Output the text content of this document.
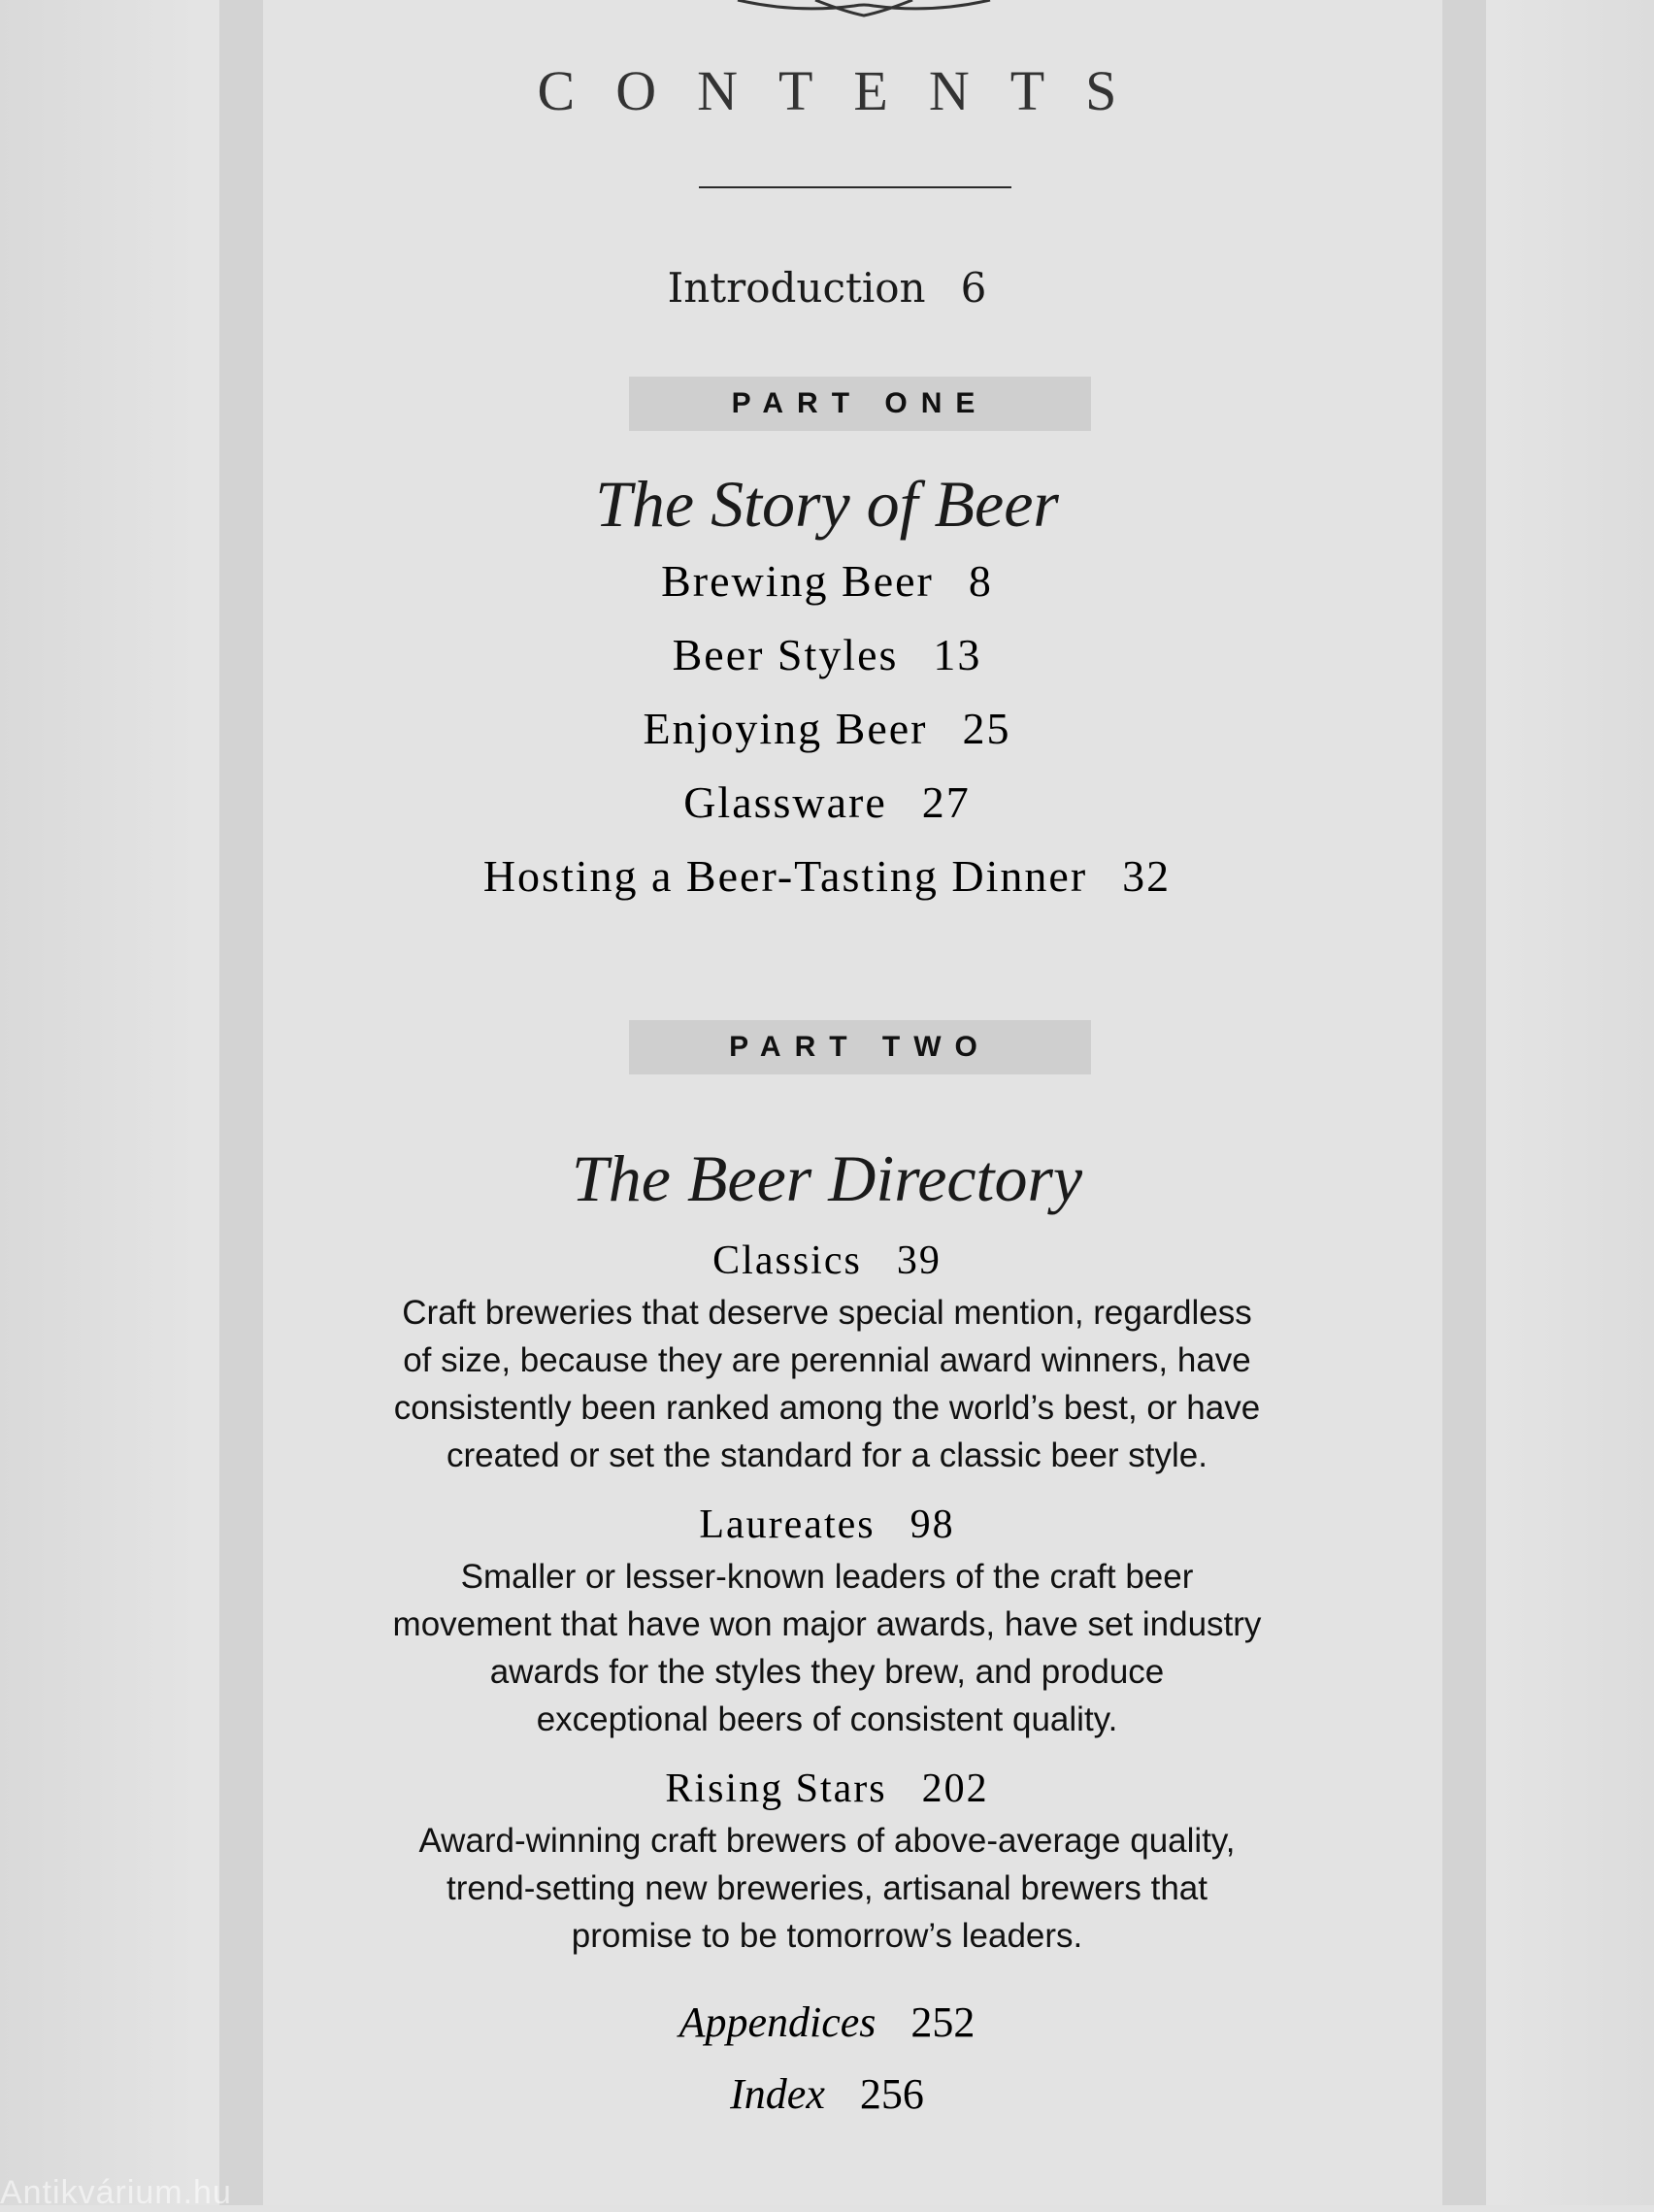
CONTENTS
Introduction 6
PART ONE
The Story of Beer
Brewing Beer 8
Beer Styles 13
Enjoying Beer 25
Glassware 27
Hosting a Beer-Tasting Dinner 32
PART TWO
The Beer Directory
Classics 39
Craft breweries that deserve special mention, regardless
of size, because they are perennial award winners, have
consistently been ranked among the world’s best, or have
created or set the standard for a classic beer style.
Laureates 98
Smaller or lesser-known leaders of the craft beer
movement that have won major awards, have set industry
awards for the styles they brew, and produce
exceptional beers of consistent quality.
Rising Stars 202
Award-winning craft brewers of above-average quality,
trend-setting new breweries, artisanal brewers that
promise to be tomorrow’s leaders.
Appendices 252
Index 256
Antikvárium.hu
